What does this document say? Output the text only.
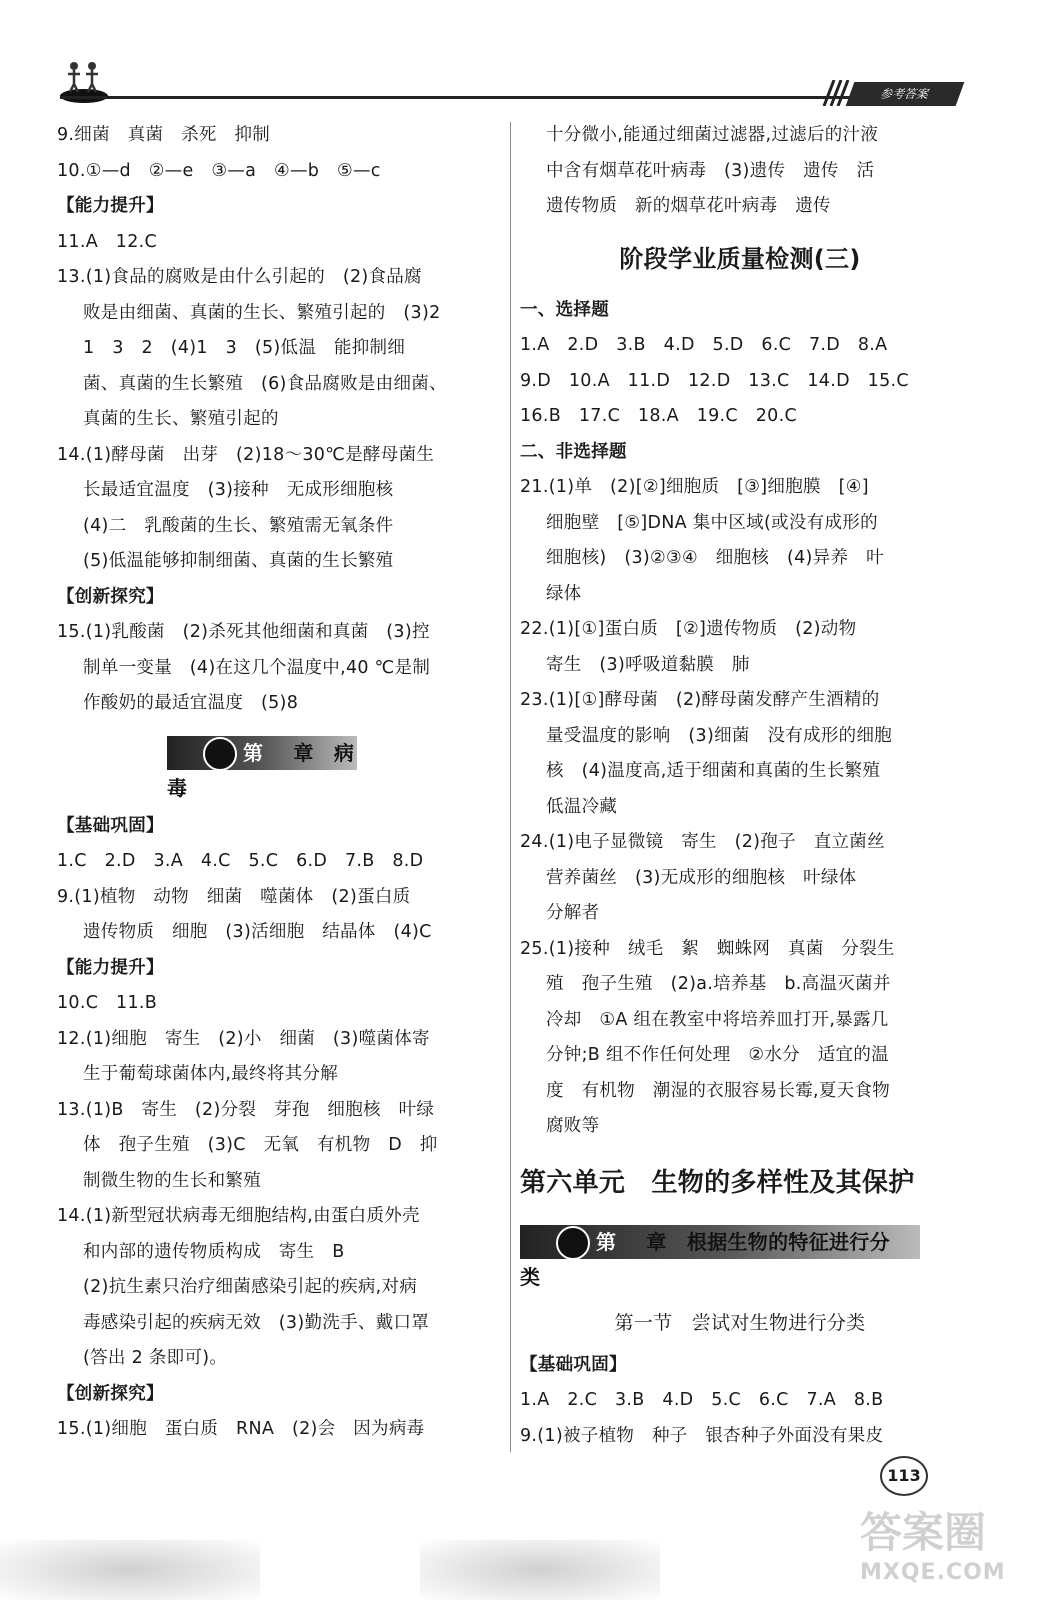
参考答案
9.细菌　真菌　杀死　抑制
10.①—d　②—e　③—a　④—b　⑤—c
【能力提升】
11.A　12.C
13.(1)食品的腐败是由什么引起的　(2)食品腐
败是由细菌、真菌的生长、繁殖引起的　(3)2
1　3　2　(4)1　3　(5)低温　能抑制细
菌、真菌的生长繁殖　(6)食品腐败是由细菌、
真菌的生长、繁殖引起的
14.(1)酵母菌　出芽　(2)18～30℃是酵母菌生
长最适宜温度　(3)接种　无成形细胞核
(4)二　乳酸菌的生长、繁殖需无氧条件
(5)低温能够抑制细菌、真菌的生长繁殖
【创新探究】
15.(1)乳酸菌　(2)杀死其他细菌和真菌　(3)控
制单一变量　(4)在这几个温度中,40 ℃是制
作酸奶的最适宜温度　(5)8
第 章　病毒
【基础巩固】
1.C　2.D　3.A　4.C　5.C　6.D　7.B　8.D
9.(1)植物　动物　细菌　噬菌体　(2)蛋白质
遗传物质　细胞　(3)活细胞　结晶体　(4)C
【能力提升】
10.C　11.B
12.(1)细胞　寄生　(2)小　细菌　(3)噬菌体寄
生于葡萄球菌体内,最终将其分解
13.(1)B　寄生　(2)分裂　芽孢　细胞核　叶绿
体　孢子生殖　(3)C　无氧　有机物　D　抑
制微生物的生长和繁殖
14.(1)新型冠状病毒无细胞结构,由蛋白质外壳
和内部的遗传物质构成　寄生　B
(2)抗生素只治疗细菌感染引起的疾病,对病
毒感染引起的疾病无效　(3)勤洗手、戴口罩
(答出 2 条即可)。
【创新探究】
15.(1)细胞　蛋白质　RNA　(2)会　因为病毒
十分微小,能通过细菌过滤器,过滤后的汁液
中含有烟草花叶病毒　(3)遗传　遗传　活
遗传物质　新的烟草花叶病毒　遗传
阶段学业质量检测(三)
一、选择题
1.A　2.D　3.B　4.D　5.D　6.C　7.D　8.A
9.D　10.A　11.D　12.D　13.C　14.D　15.C
16.B　17.C　18.A　19.C　20.C
二、非选择题
21.(1)单　(2)[②]细胞质　[③]细胞膜　[④]
细胞壁　[⑤]DNA 集中区域(或没有成形的
细胞核)　(3)②③④　细胞核　(4)异养　叶
绿体
22.(1)[①]蛋白质　[②]遗传物质　(2)动物
寄生　(3)呼吸道黏膜　肺
23.(1)[①]酵母菌　(2)酵母菌发酵产生酒精的
量受温度的影响　(3)细菌　没有成形的细胞
核　(4)温度高,适于细菌和真菌的生长繁殖
低温冷藏
24.(1)电子显微镜　寄生　(2)孢子　直立菌丝
营养菌丝　(3)无成形的细胞核　叶绿体
分解者
25.(1)接种　绒毛　絮　蜘蛛网　真菌　分裂生
殖　孢子生殖　(2)a.培养基　b.高温灭菌并
冷却　①A 组在教室中将培养皿打开,暴露几
分钟;B 组不作任何处理　②水分　适宜的温
度　有机物　潮湿的衣服容易长霉,夏天食物
腐败等
第六单元　生物的多样性及其保护
第 章　根据生物的特征进行分类
第一节　尝试对生物进行分类
【基础巩固】
1.A　2.C　3.B　4.D　5.C　6.C　7.A　8.B
9.(1)被子植物　种子　银杏种子外面没有果皮
113
答案圈
MXQE.COM
